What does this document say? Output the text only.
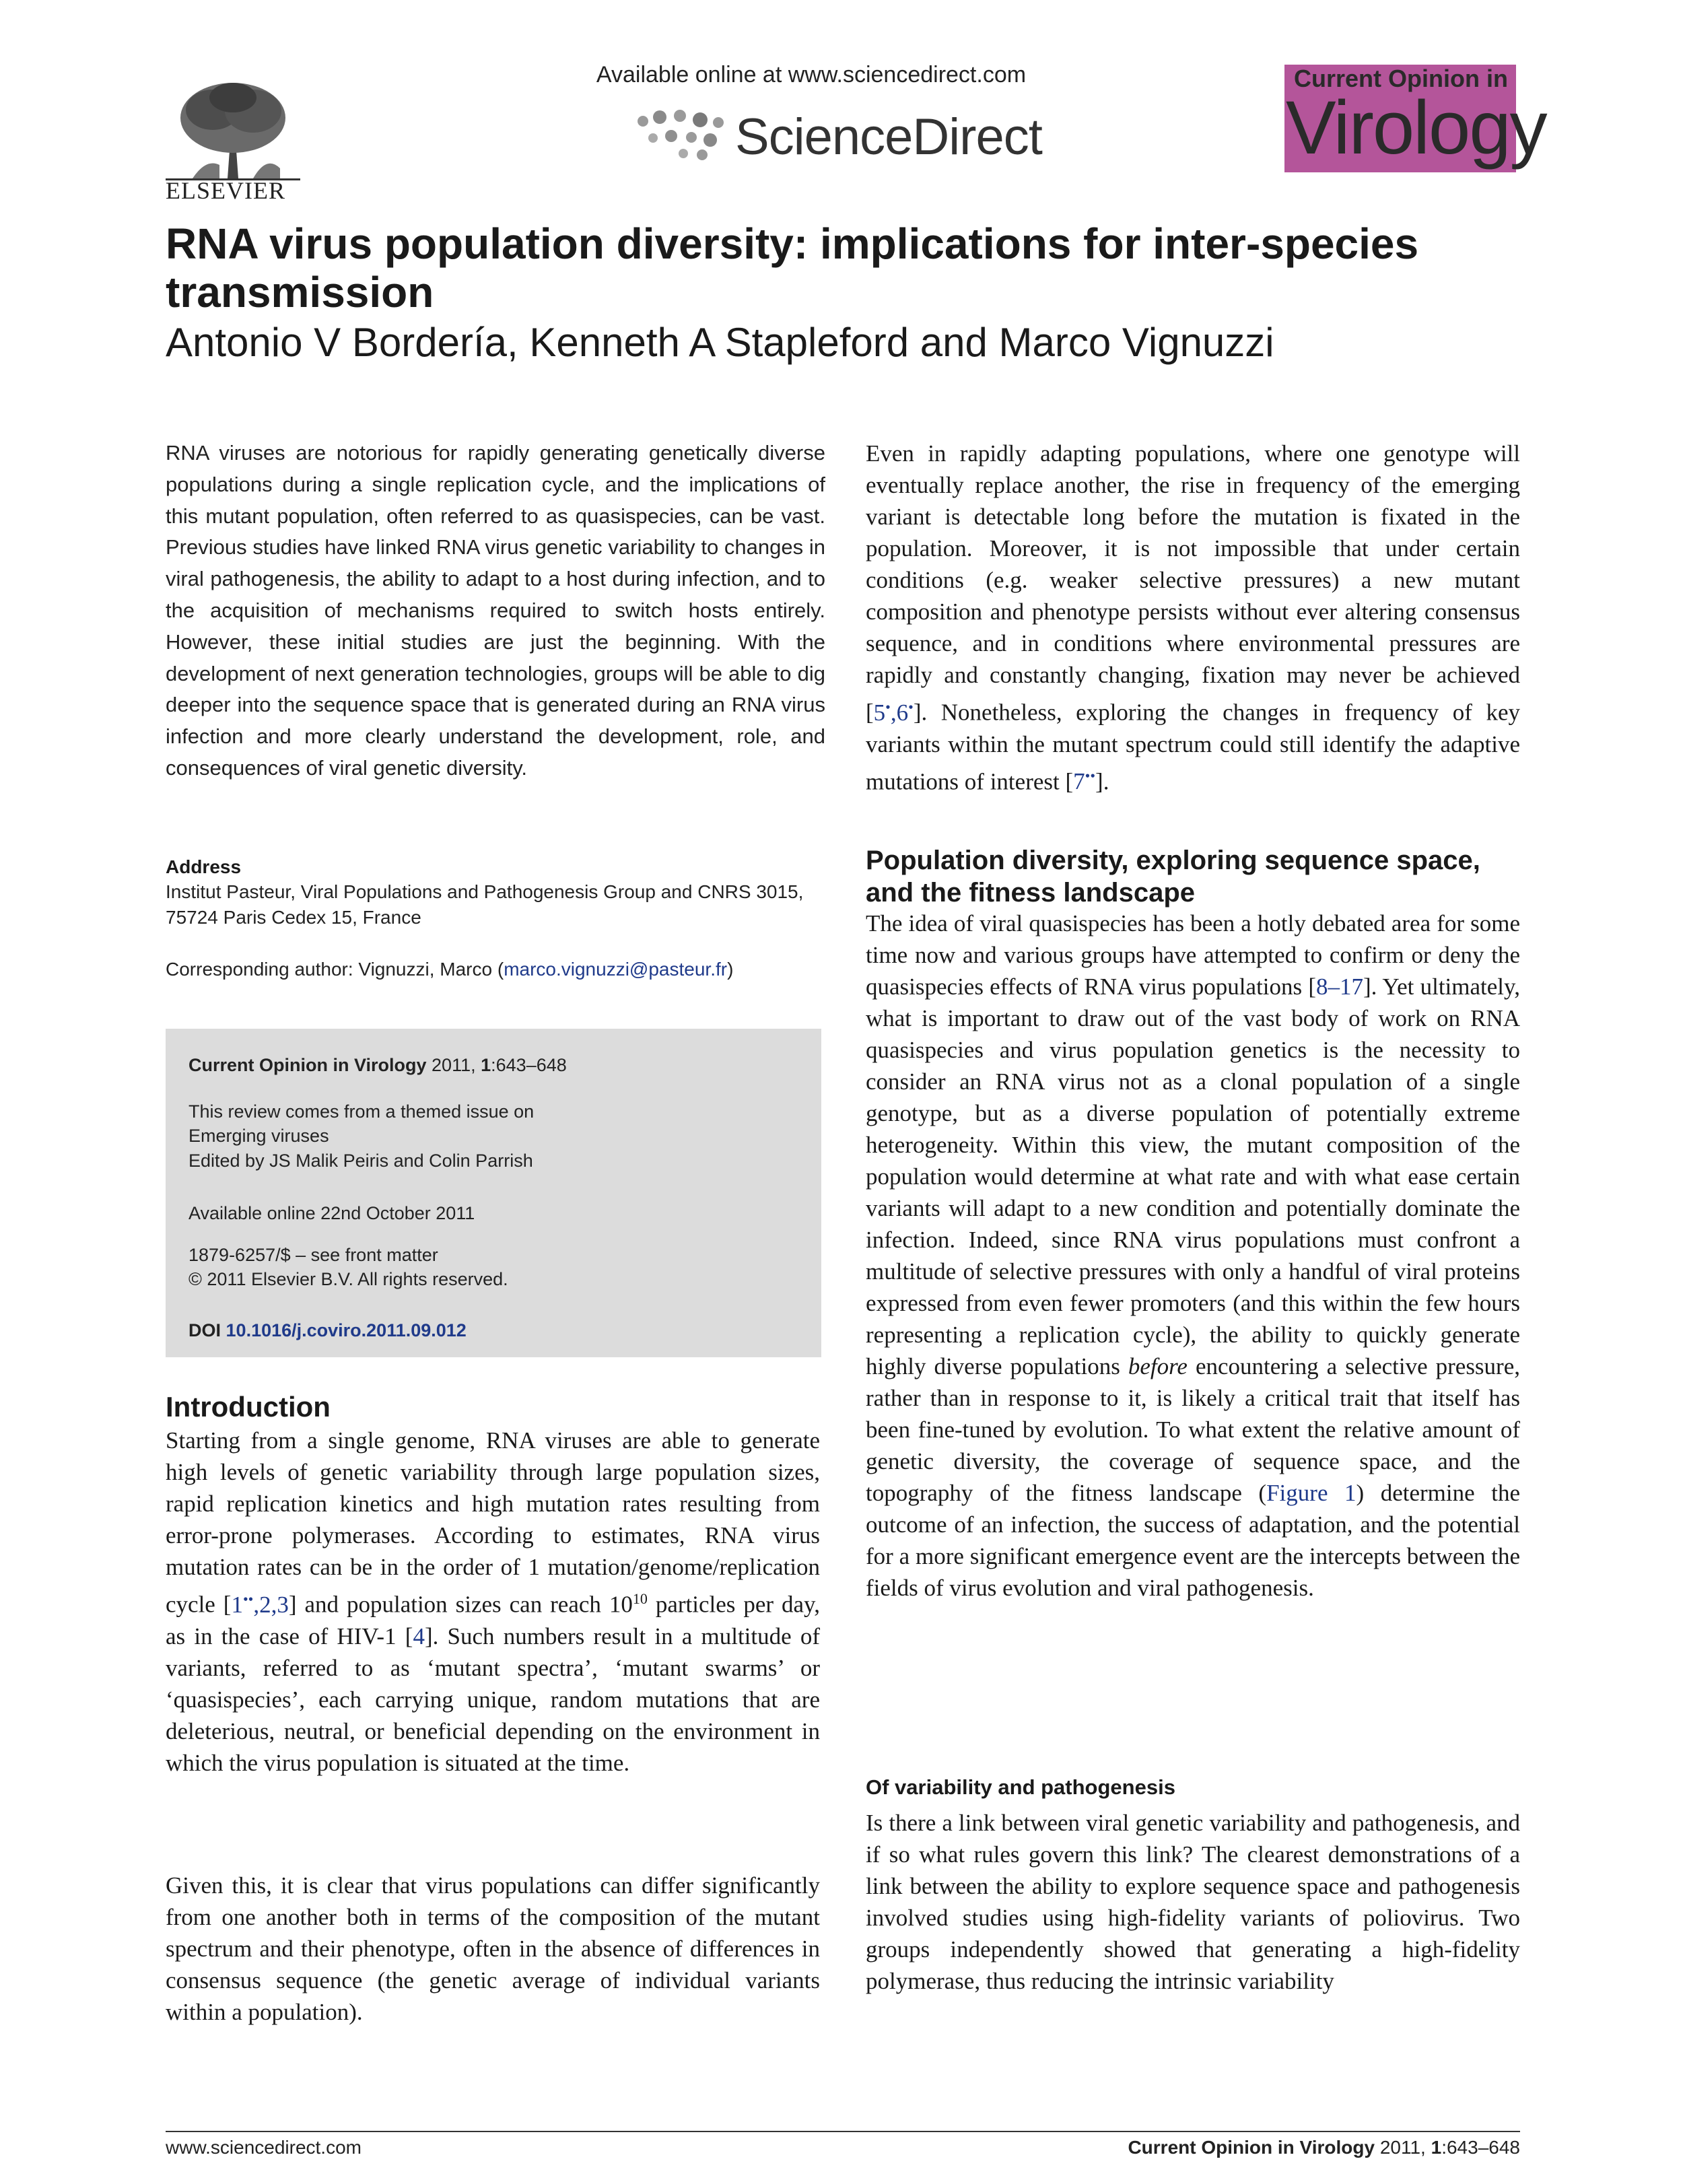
ELSEVIER
Available online at www.sciencedirect.com
ScienceDirect
Current Opinion in
Virology
RNA virus population diversity: implications for inter-species transmission
Antonio V Bordería, Kenneth A Stapleford and Marco Vignuzzi
RNA viruses are notorious for rapidly generating genetically diverse populations during a single replication cycle, and the implications of this mutant population, often referred to as quasispecies, can be vast. Previous studies have linked RNA virus genetic variability to changes in viral pathogenesis, the ability to adapt to a host during infection, and to the acquisition of mechanisms required to switch hosts entirely. However, these initial studies are just the beginning. With the development of next generation technologies, groups will be able to dig deeper into the sequence space that is generated during an RNA virus infection and more clearly understand the development, role, and consequences of viral genetic diversity.
Address
Institut Pasteur, Viral Populations and Pathogenesis Group and CNRS 3015, 75724 Paris Cedex 15, France
Corresponding author: Vignuzzi, Marco (marco.vignuzzi@pasteur.fr)
Current Opinion in Virology 2011, 1:643–648
This review comes from a themed issue on
Emerging viruses
Edited by JS Malik Peiris and Colin Parrish
Available online 22nd October 2011
1879-6257/$ – see front matter
© 2011 Elsevier B.V. All rights reserved.
DOI 10.1016/j.coviro.2011.09.012
Introduction
Starting from a single genome, RNA viruses are able to generate high levels of genetic variability through large population sizes, rapid replication kinetics and high mutation rates resulting from error-prone polymerases. According to estimates, RNA virus mutation rates can be in the order of 1 mutation/genome/replication cycle [1••,2,3] and population sizes can reach $10^{10}$ particles per day, as in the case of HIV-1 [4]. Such numbers result in a multitude of variants, referred to as ‘mutant spectra’, ‘mutant swarms’ or ‘quasispecies’, each carrying unique, random mutations that are deleterious, neutral, or beneficial depending on the environment in which the virus population is situated at the time.
Given this, it is clear that virus populations can differ significantly from one another both in terms of the composition of the mutant spectrum and their phenotype, often in the absence of differences in consensus sequence (the genetic average of individual variants within a population).
Even in rapidly adapting populations, where one genotype will eventually replace another, the rise in frequency of the emerging variant is detectable long before the mutation is fixated in the population. Moreover, it is not impossible that under certain conditions (e.g. weaker selective pressures) a new mutant composition and phenotype persists without ever altering consensus sequence, and in conditions where environmental pressures are rapidly and constantly changing, fixation may never be achieved [5•,6•]. Nonetheless, exploring the changes in frequency of key variants within the mutant spectrum could still identify the adaptive mutations of interest [7••].
Population diversity, exploring sequence space, and the fitness landscape
The idea of viral quasispecies has been a hotly debated area for some time now and various groups have attempted to confirm or deny the quasispecies effects of RNA virus populations [8–17]. Yet ultimately, what is important to draw out of the vast body of work on RNA quasispecies and virus population genetics is the necessity to consider an RNA virus not as a clonal population of a single genotype, but as a diverse population of potentially extreme heterogeneity. Within this view, the mutant composition of the population would determine at what rate and with what ease certain variants will adapt to a new condition and potentially dominate the infection. Indeed, since RNA virus populations must confront a multitude of selective pressures with only a handful of viral proteins expressed from even fewer promoters (and this within the few hours representing a replication cycle), the ability to quickly generate highly diverse populations before encountering a selective pressure, rather than in response to it, is likely a critical trait that itself has been fine-tuned by evolution. To what extent the relative amount of genetic diversity, the coverage of sequence space, and the topography of the fitness landscape (Figure 1) determine the outcome of an infection, the success of adaptation, and the potential for a more significant emergence event are the intercepts between the fields of virus evolution and viral pathogenesis.
Of variability and pathogenesis
Is there a link between viral genetic variability and pathogenesis, and if so what rules govern this link? The clearest demonstrations of a link between the ability to explore sequence space and pathogenesis involved studies using high-fidelity variants of poliovirus. Two groups independently showed that generating a high-fidelity polymerase, thus reducing the intrinsic variability
www.sciencedirect.com	Current Opinion in Virology 2011, 1:643–648
